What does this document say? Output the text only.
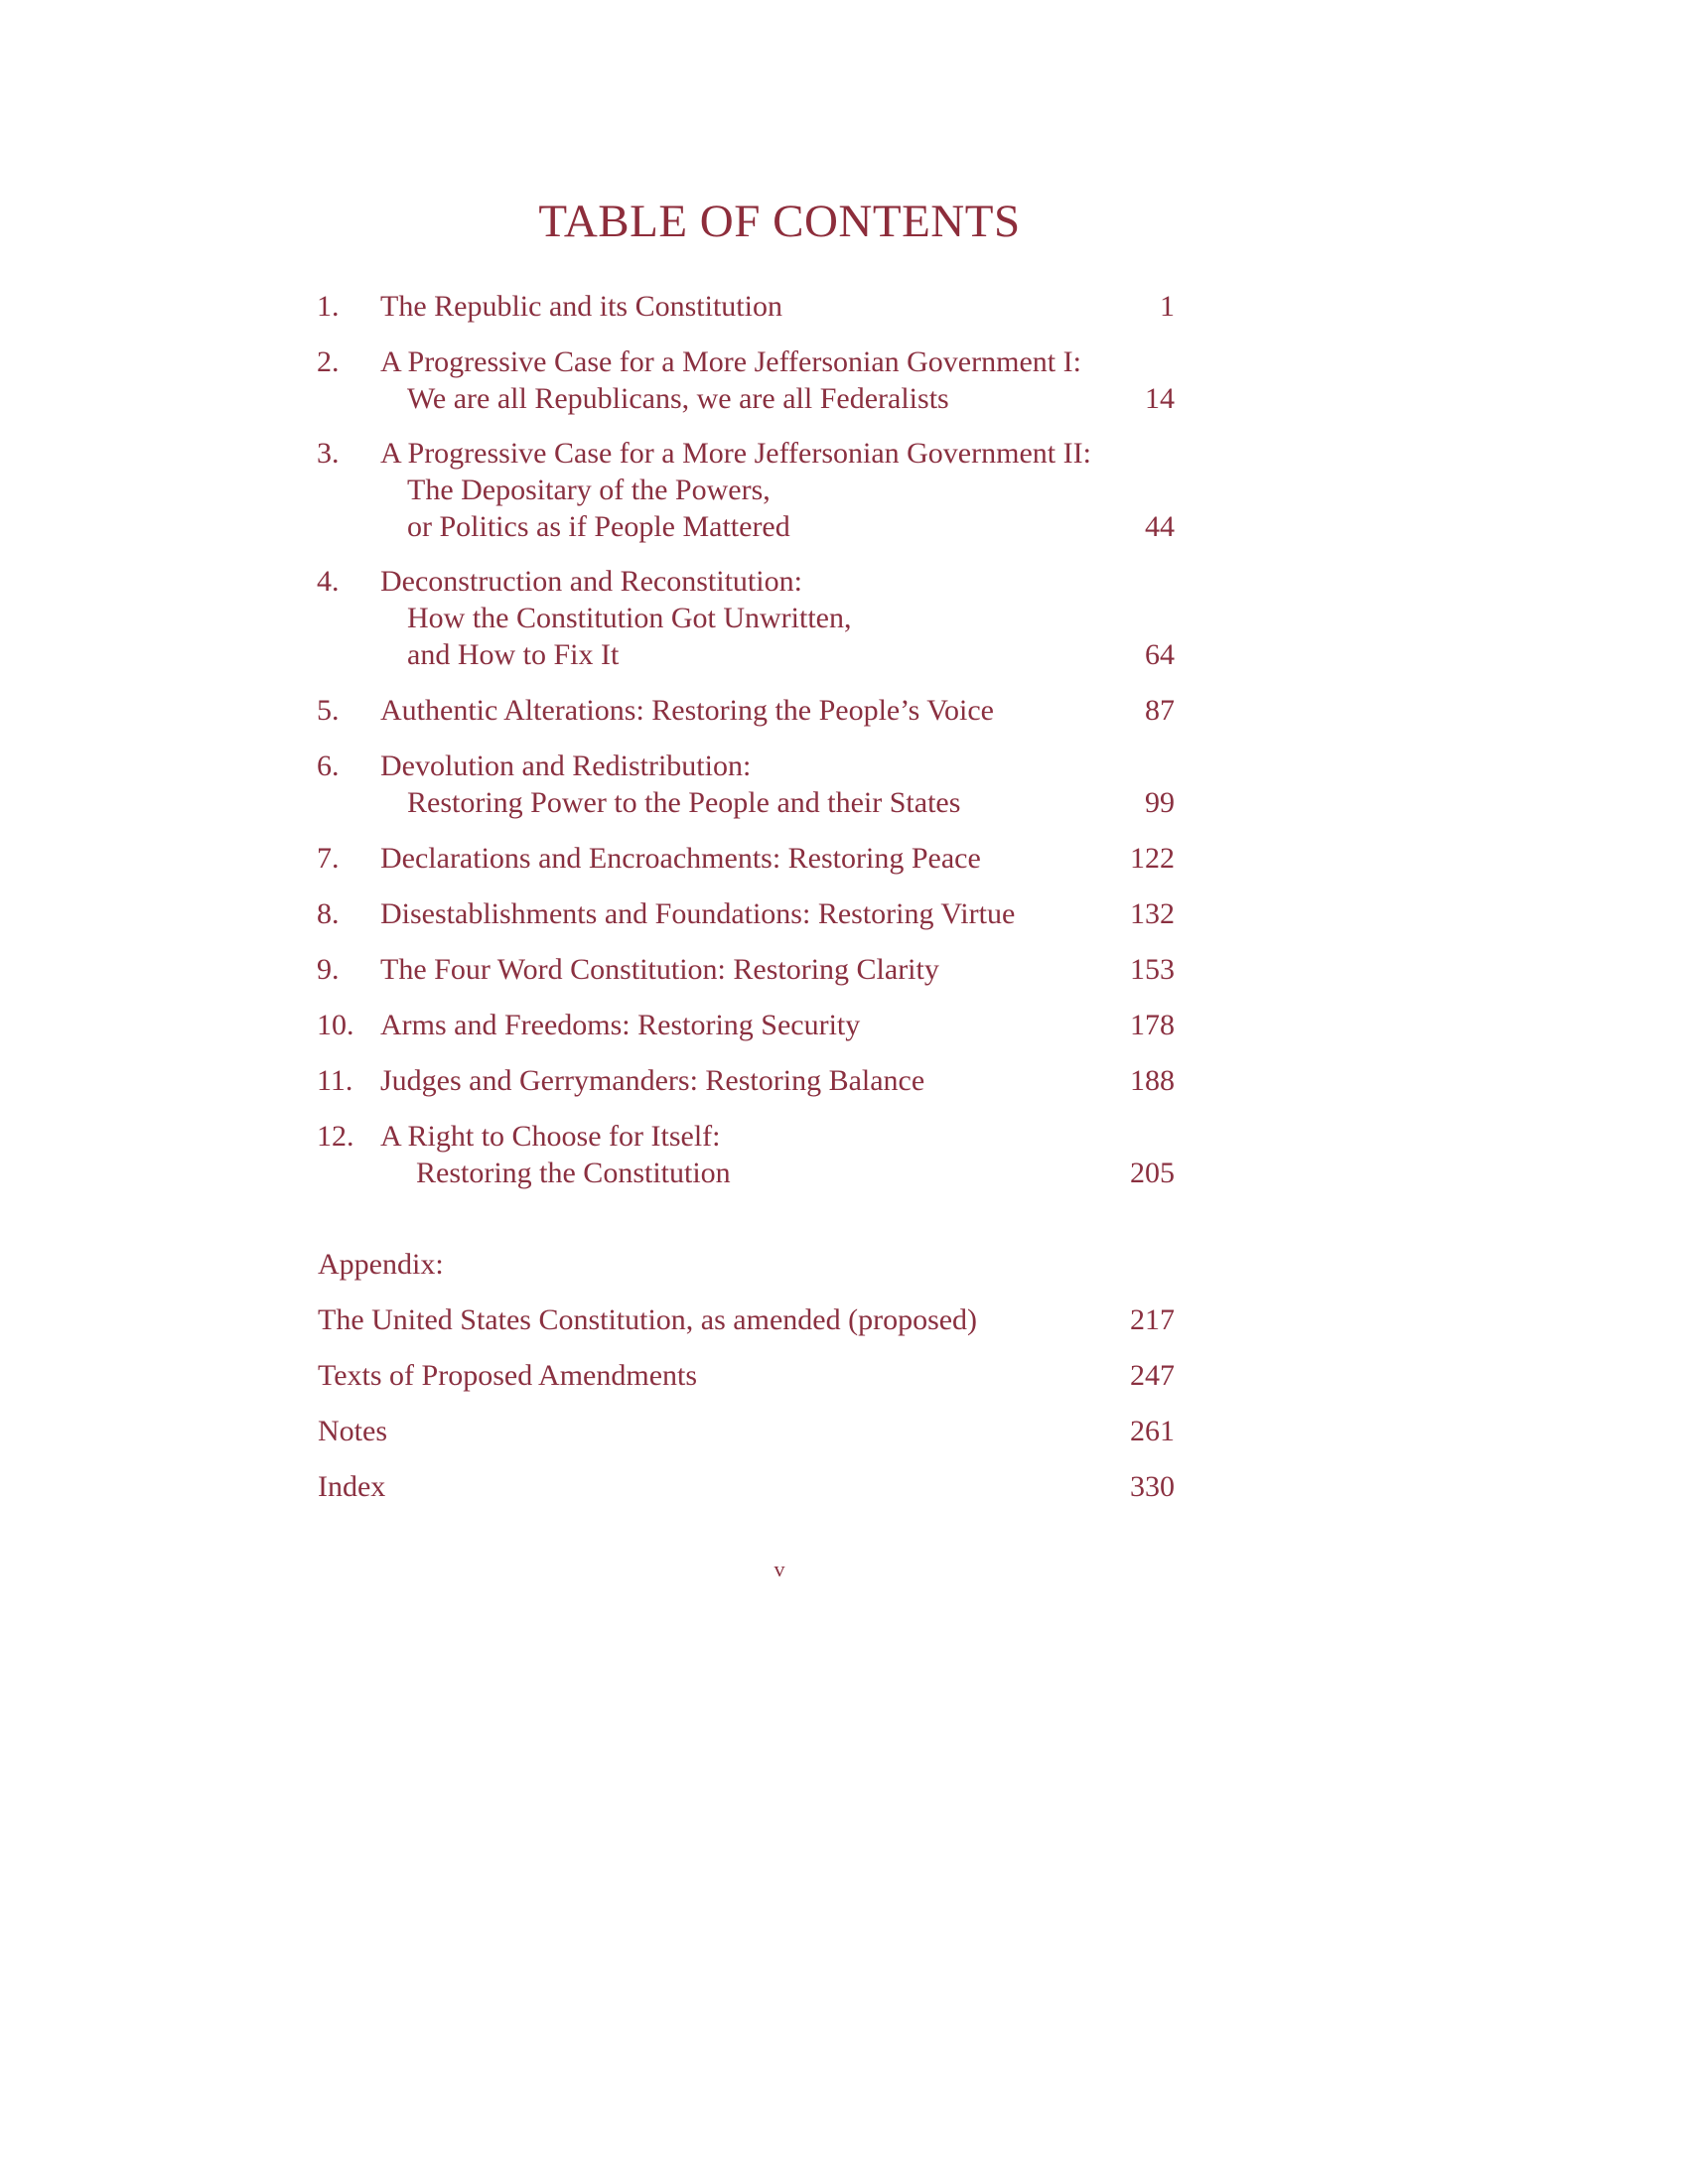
TABLE OF CONTENTS
1. The Republic and its Constitution	1
2. A Progressive Case for a More Jeffersonian Government I:
We are all Republicans, we are all Federalists	14
3. A Progressive Case for a More Jeffersonian Government II:
The Depositary of the Powers,
or Politics as if People Mattered	44
4. Deconstruction and Reconstitution:
How the Constitution Got Unwritten,
and How to Fix It	64
5. Authentic Alterations: Restoring the People’s Voice	87
6. Devolution and Redistribution:
Restoring Power to the People and their States	99
7. Declarations and Encroachments: Restoring Peace	122
8. Disestablishments and Foundations: Restoring Virtue	132
9. The Four Word Constitution: Restoring Clarity	153
10. Arms and Freedoms: Restoring Security	178
11. Judges and Gerrymanders: Restoring Balance	188
12. A Right to Choose for Itself:
Restoring the Constitution	205
Appendix:
The United States Constitution, as amended (proposed)	217
Texts of Proposed Amendments	247
Notes	261
Index	330
v
